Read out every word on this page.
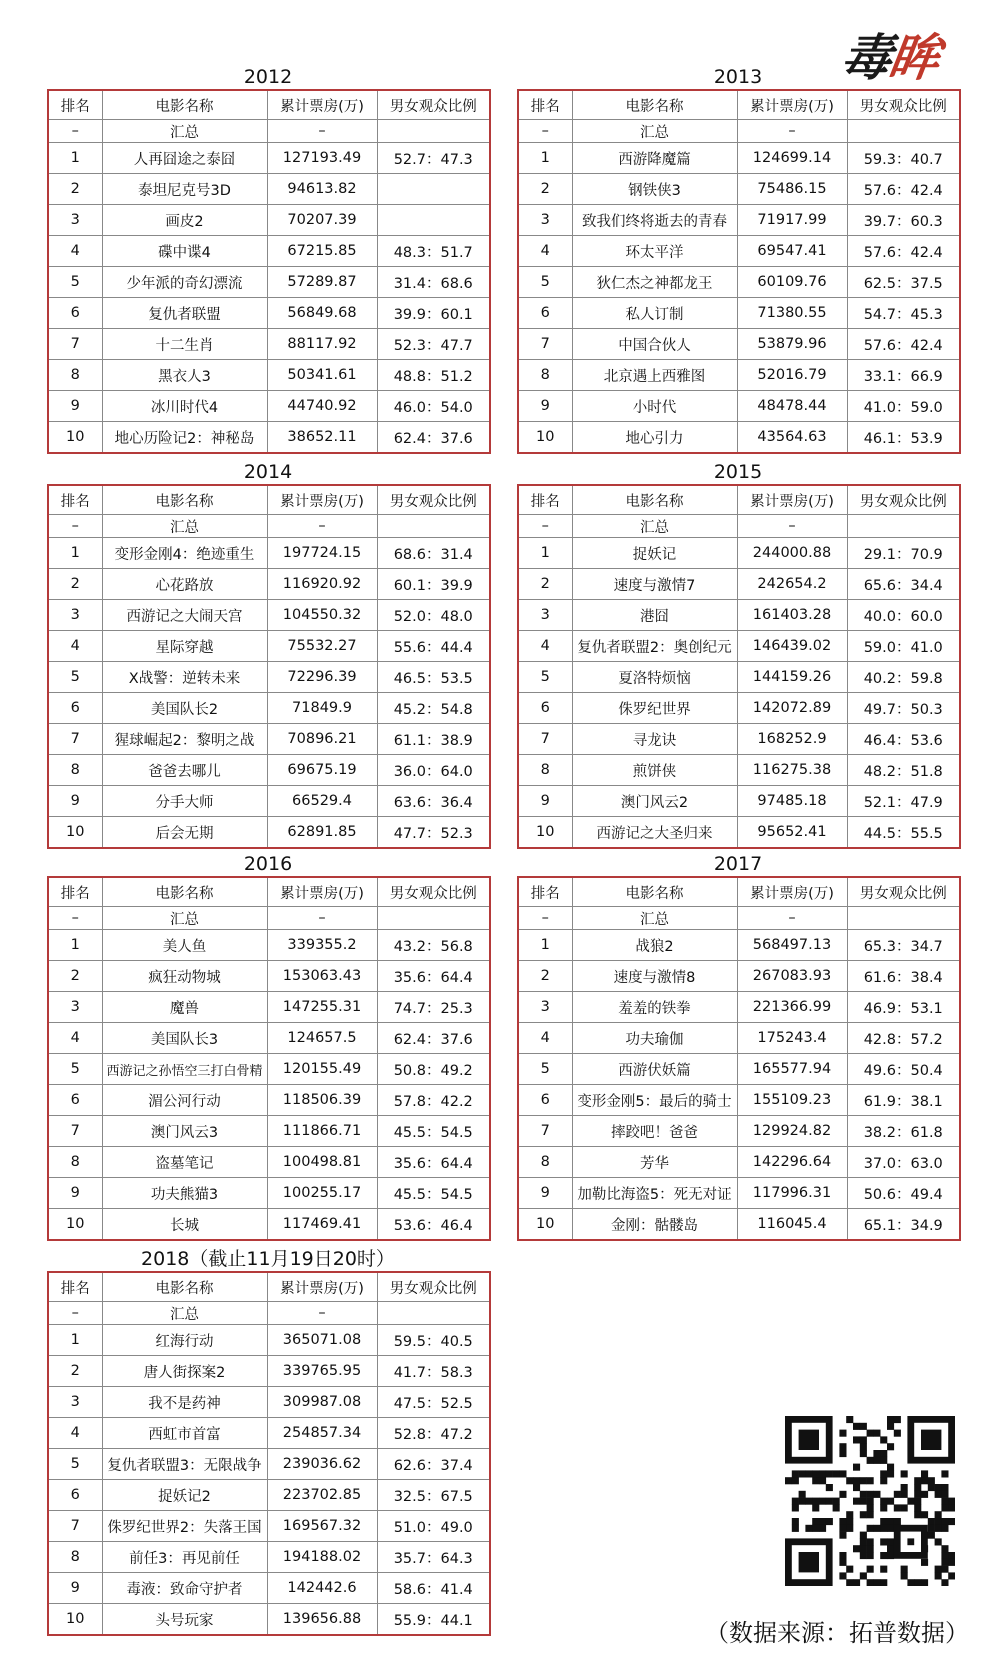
毒眸
2012
排名	电影名称	累计票房(万)	男女观众比例
–	汇总	–	
1	人再囧途之泰囧	127193.49	52.7：47.3
2	泰坦尼克号3D	94613.82	
3	画皮2	70207.39	
4	碟中谍4	67215.85	48.3：51.7
5	少年派的奇幻漂流	57289.87	31.4：68.6
6	复仇者联盟	56849.68	39.9：60.1
7	十二生肖	88117.92	52.3：47.7
8	黑衣人3	50341.61	48.8：51.2
9	冰川时代4	44740.92	46.0：54.0
10	地心历险记2：神秘岛	38652.11	62.4：37.6
2013
排名	电影名称	累计票房(万)	男女观众比例
–	汇总	–	
1	西游降魔篇	124699.14	59.3：40.7
2	钢铁侠3	75486.15	57.6：42.4
3	致我们终将逝去的青春	71917.99	39.7：60.3
4	环太平洋	69547.41	57.6：42.4
5	狄仁杰之神都龙王	60109.76	62.5：37.5
6	私人订制	71380.55	54.7：45.3
7	中国合伙人	53879.96	57.6：42.4
8	北京遇上西雅图	52016.79	33.1：66.9
9	小时代	48478.44	41.0：59.0
10	地心引力	43564.63	46.1：53.9
2014
排名	电影名称	累计票房(万)	男女观众比例
–	汇总	–	
1	变形金刚4：绝迹重生	197724.15	68.6：31.4
2	心花路放	116920.92	60.1：39.9
3	西游记之大闹天宫	104550.32	52.0：48.0
4	星际穿越	75532.27	55.6：44.4
5	X战警：逆转未来	72296.39	46.5：53.5
6	美国队长2	71849.9	45.2：54.8
7	猩球崛起2：黎明之战	70896.21	61.1：38.9
8	爸爸去哪儿	69675.19	36.0：64.0
9	分手大师	66529.4	63.6：36.4
10	后会无期	62891.85	47.7：52.3
2015
排名	电影名称	累计票房(万)	男女观众比例
–	汇总	–	
1	捉妖记	244000.88	29.1：70.9
2	速度与激情7	242654.2	65.6：34.4
3	港囧	161403.28	40.0：60.0
4	复仇者联盟2：奥创纪元	146439.02	59.0：41.0
5	夏洛特烦恼	144159.26	40.2：59.8
6	侏罗纪世界	142072.89	49.7：50.3
7	寻龙诀	168252.9	46.4：53.6
8	煎饼侠	116275.38	48.2：51.8
9	澳门风云2	97485.18	52.1：47.9
10	西游记之大圣归来	95652.41	44.5：55.5
2016
排名	电影名称	累计票房(万)	男女观众比例
–	汇总	–	
1	美人鱼	339355.2	43.2：56.8
2	疯狂动物城	153063.43	35.6：64.4
3	魔兽	147255.31	74.7：25.3
4	美国队长3	124657.5	62.4：37.6
5	西游记之孙悟空三打白骨精	120155.49	50.8：49.2
6	湄公河行动	118506.39	57.8：42.2
7	澳门风云3	111866.71	45.5：54.5
8	盗墓笔记	100498.81	35.6：64.4
9	功夫熊猫3	100255.17	45.5：54.5
10	长城	117469.41	53.6：46.4
2017
排名	电影名称	累计票房(万)	男女观众比例
–	汇总	–	
1	战狼2	568497.13	65.3：34.7
2	速度与激情8	267083.93	61.6：38.4
3	羞羞的铁拳	221366.99	46.9：53.1
4	功夫瑜伽	175243.4	42.8：57.2
5	西游伏妖篇	165577.94	49.6：50.4
6	变形金刚5：最后的骑士	155109.23	61.9：38.1
7	摔跤吧！爸爸	129924.82	38.2：61.8
8	芳华	142296.64	37.0：63.0
9	加勒比海盗5：死无对证	117996.31	50.6：49.4
10	金刚：骷髅岛	116045.4	65.1：34.9
2018（截止11月19日20时）
排名	电影名称	累计票房(万)	男女观众比例
–	汇总	–	
1	红海行动	365071.08	59.5：40.5
2	唐人街探案2	339765.95	41.7：58.3
3	我不是药神	309987.08	47.5：52.5
4	西虹市首富	254857.34	52.8：47.2
5	复仇者联盟3：无限战争	239036.62	62.6：37.4
6	捉妖记2	223702.85	32.5：67.5
7	侏罗纪世界2：失落王国	169567.32	51.0：49.0
8	前任3：再见前任	194188.02	35.7：64.3
9	毒液：致命守护者	142442.6	58.6：41.4
10	头号玩家	139656.88	55.9：44.1	（数据来源：拓普数据）
